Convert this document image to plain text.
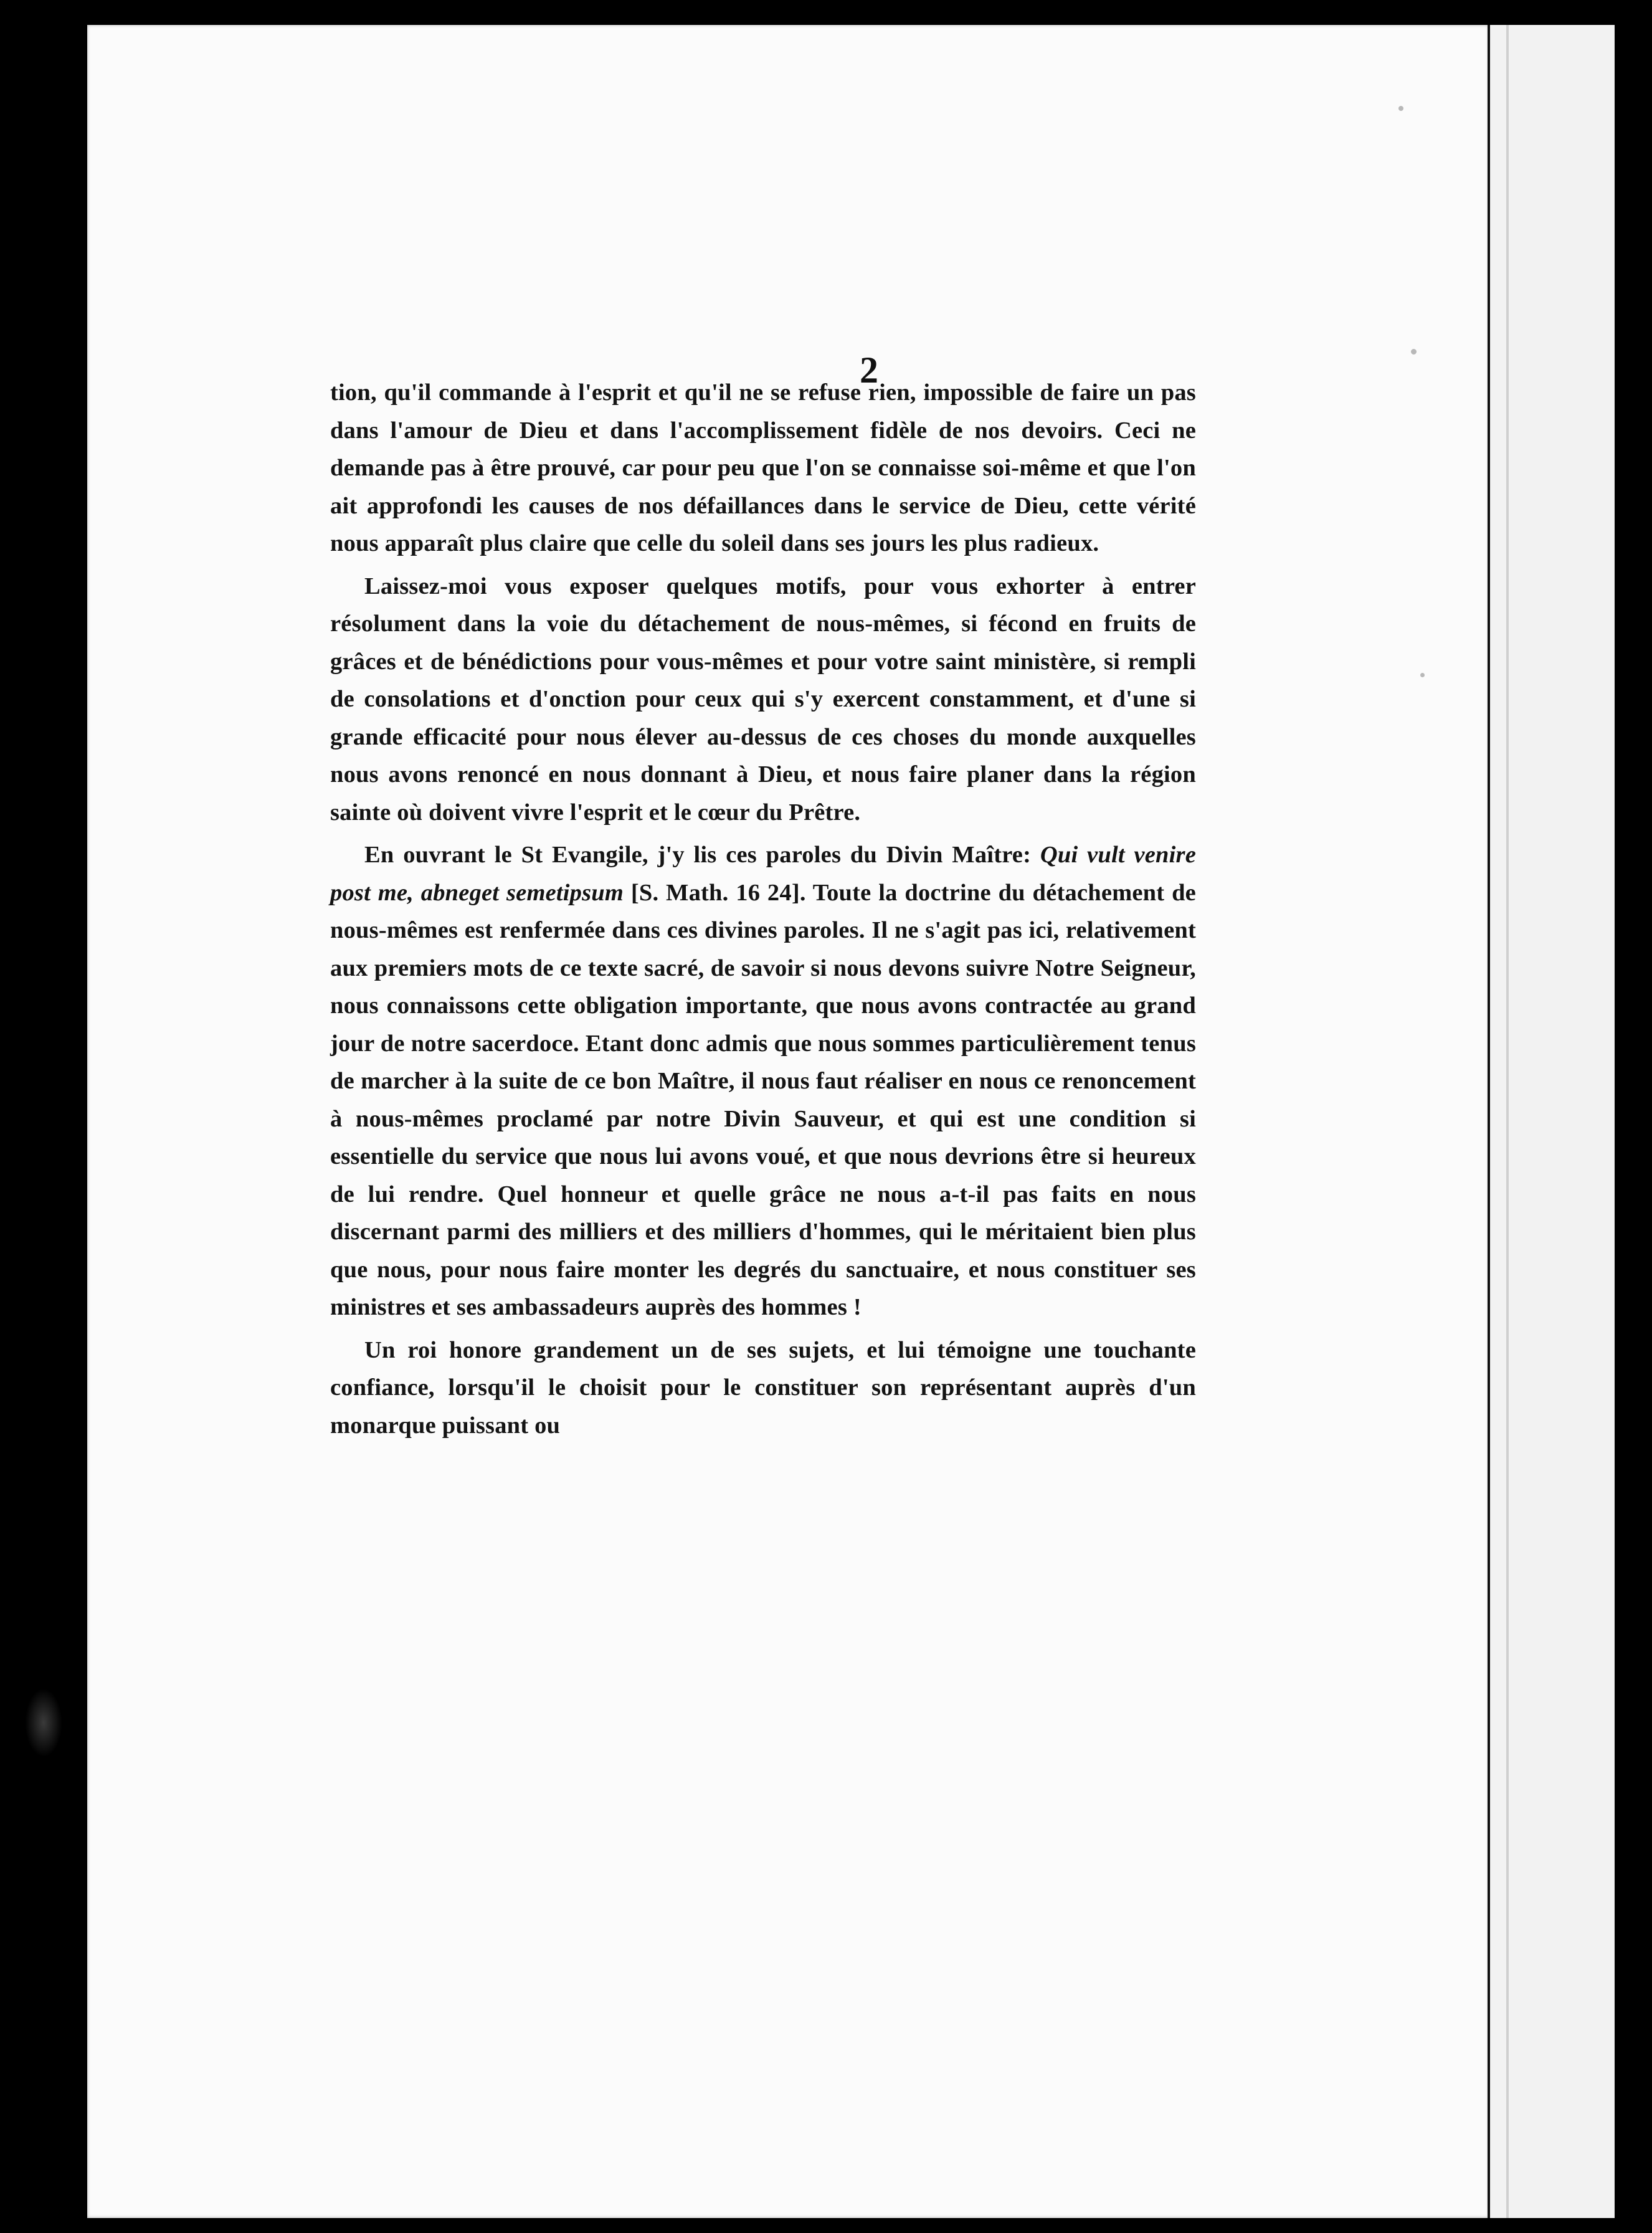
2

tion, qu'il commande à l'esprit et qu'il ne se refuse rien, impossible de faire un pas dans l'amour de Dieu et dans l'accomplissement fidèle de nos devoirs. Ceci ne demande pas à être prouvé, car pour peu que l'on se connaisse soi-même et que l'on ait approfondi les causes de nos défaillances dans le service de Dieu, cette vérité nous apparaît plus claire que celle du soleil dans ses jours les plus radieux.

Laissez-moi vous exposer quelques motifs, pour vous exhorter à entrer résolument dans la voie du détachement de nous-mêmes, si fécond en fruits de grâces et de bénédictions pour vous-mêmes et pour votre saint ministère, si rempli de consolations et d'onction pour ceux qui s'y exercent constamment, et d'une si grande efficacité pour nous élever au-dessus de ces choses du monde auxquelles nous avons renoncé en nous donnant à Dieu, et nous faire planer dans la région sainte où doivent vivre l'esprit et le cœur du Prêtre.

En ouvrant le St Evangile, j'y lis ces paroles du Divin Maître: Qui vult venire post me, abneget semetipsum [S. Math. 16 24]. Toute la doctrine du détachement de nous-mêmes est renfermée dans ces divines paroles. Il ne s'agit pas ici, relativement aux premiers mots de ce texte sacré, de savoir si nous devons suivre Notre Seigneur, nous connaissons cette obligation importante, que nous avons contractée au grand jour de notre sacerdoce. Etant donc admis que nous sommes particulièrement tenus de marcher à la suite de ce bon Maître, il nous faut réaliser en nous ce renoncement à nous-mêmes proclamé par notre Divin Sauveur, et qui est une condition si essentielle du service que nous lui avons voué, et que nous devrions être si heureux de lui rendre. Quel honneur et quelle grâce ne nous a-t-il pas faits en nous discernant parmi des milliers et des milliers d'hommes, qui le méritaient bien plus que nous, pour nous faire monter les degrés du sanctuaire, et nous constituer ses ministres et ses ambassadeurs auprès des hommes !

Un roi honore grandement un de ses sujets, et lui témoigne une touchante confiance, lorsqu'il le choisit pour le constituer son représentant auprès d'un monarque puissant ou
